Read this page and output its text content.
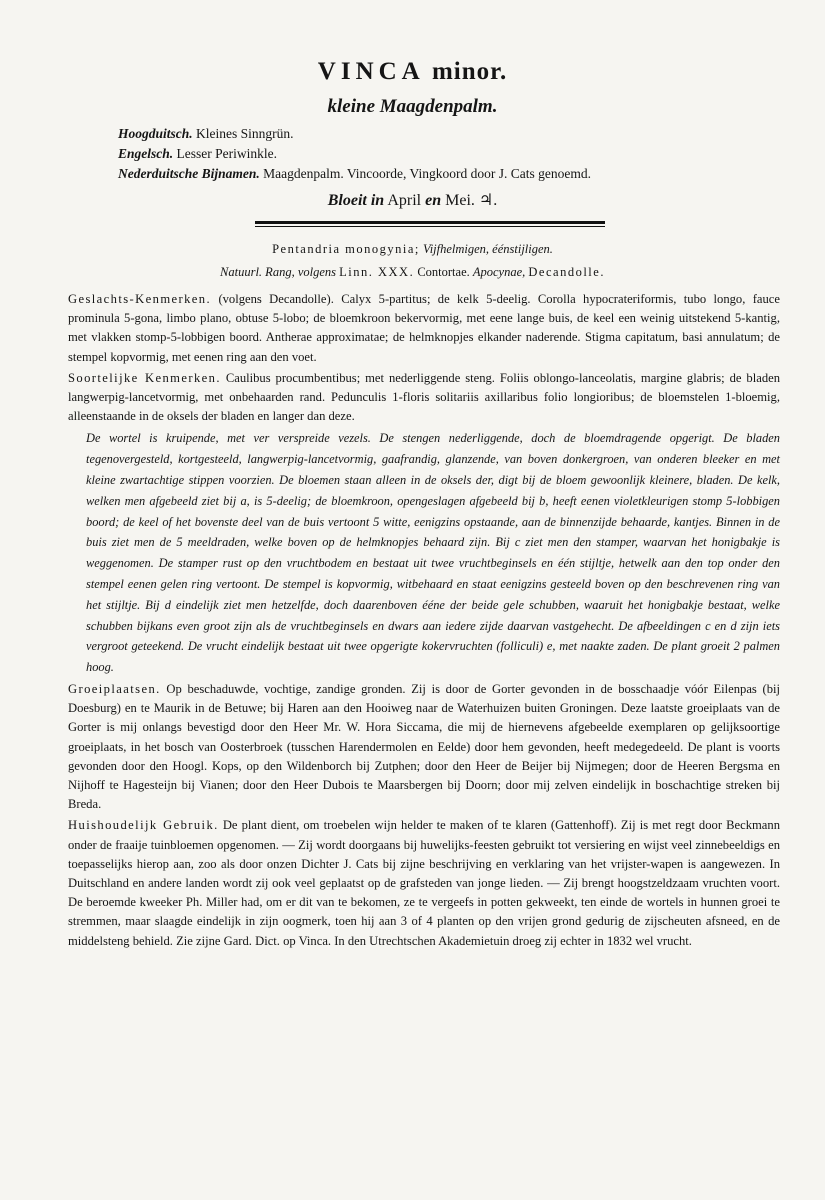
VINCA minor.
kleine Maagdenpalm.
Hoogduitsch. Kleines Sinngrün.
Engelsch. Lesser Periwinkle.
Nederduitsche Bijnamen. Maagdenpalm. Vincoorde, Vingkoord door J. Cats genoemd.
Bloeit in April en Mei. ♃.
Pentandria monogynia; Vijfhelmigen, éénstijligen.
Natuurl. Rang, volgens Linn. XXX. Contortae. Apocynae, Decandolle.

Geslachts-Kenmerken. (volgens Decandolle). Calyx 5-partitus; de kelk 5-deelig. Corolla hypocrateriformis, tubo longo, fauce prominula 5-gona, limbo plano, obtuse 5-lobo; de bloemkroon bekervormig, met eene lange buis, de keel een weinig uitstekend 5-kantig, met vlakken stomp-5-lobbigen boord. Antherae approximatae; de helmknopjes elkander naderende. Stigma capitatum, basi annulatum; de stempel kopvormig, met eenen ring aan den voet.

Soortelijke Kenmerken. Caulibus procumbentibus; met nederliggende steng. Foliis oblongo-lanceolatis, margine glabris; de bladen langwerpig-lancetvormig, met onbehaarden rand. Pedunculis 1-floris solitariis axillaribus folio longioribus; de bloemstelen 1-bloemig, alleenstaande in de oksels der bladen en langer dan deze.

De wortel is kruipende, met ver verspreide vezels. De stengen nederliggende, doch de bloemdragende opgerigt. De bladen tegenovergesteld, kortgesteeld, langwerpig-lancetvormig, gaafrandig, glanzende, van boven donkergroen, van onderen bleeker en met kleine zwartachtige stippen voorzien. De bloemen staan alleen in de oksels der, digt bij de bloem gewoonlijk kleinere, bladen. De kelk, welken men afgebeeld ziet bij a, is 5-deelig; de bloemkroon, opengeslagen afgebeeld bij b, heeft eenen violetkleurigen stomp 5-lobbigen boord; de keel of het bovenste deel van de buis vertoont 5 witte, eenigzins opstaande, aan de binnenzijde behaarde, kantjes. Binnen in de buis ziet men de 5 meeldraden, welke boven op de helmknopjes behaard zijn. Bij c ziet men den stamper, waarvan het honigbakje is weggenomen. De stamper rust op den vruchtbodem en bestaat uit twee vruchtbeginsels en één stijltje, hetwelk aan den top onder den stempel eenen gelen ring vertoont. De stempel is kopvormig, witbehaard en staat eenigzins gesteeld boven op den beschrevenen ring van het stijltje. Bij d eindelijk ziet men hetzelfde, doch daarenboven ééne der beide gele schubben, waaruit het honigbakje bestaat, welke schubben bijkans even groot zijn als de vruchtbeginsels en dwars aan iedere zijde daarvan vastgehecht. De afbeeldingen c en d zijn iets vergroot geteekend. De vrucht eindelijk bestaat uit twee opgerigte kokervruchten (folliculi) e, met naakte zaden. De plant groeit 2 palmen hoog.

Groeiplaatsen. Op beschaduwde, vochtige, zandige gronden. Zij is door de Gorter gevonden in de bosschaadje vóór Eilenpas (bij Doesburg) en te Maurik in de Betuwe; bij Haren aan den Hooiweg naar de Waterhuizen buiten Groningen. Deze laatste groeiplaats van de Gorter is mij onlangs bevestigd door den Heer Mr. W. Hora Siccama, die mij de hiernevens afgebeelde exemplaren op gelijksoortige groeiplaats, in het bosch van Oosterbroek (tusschen Harendermolen en Eelde) door hem gevonden, heeft medegedeeld. De plant is voorts gevonden door den Hoogl. Kops, op den Wildenborch bij Zutphen; door den Heer de Beijer bij Nijmegen; door de Heeren Bergsma en Nijhoff te Hagesteijn bij Vianen; door den Heer Dubois te Maarsbergen bij Doorn; door mij zelven eindelijk in boschachtige streken bij Breda.

Huishoudelijk Gebruik. De plant dient, om troebelen wijn helder te maken of te klaren (Gattenhoff). Zij is met regt door Beckmann onder de fraaije tuinbloemen opgenomen. — Zij wordt doorgaans bij huwelijks-feesten gebruikt tot versiering en wijst veel zinnebeeldigs en toepasselijks hierop aan, zoo als door onzen Dichter J. Cats bij zijne beschrijving en verklaring van het vrijster-wapen is aangewezen. In Duitschland en andere landen wordt zij ook veel geplaatst op de grafsteden van jonge lieden. — Zij brengt hoogstzeldzaam vruchten voort. De beroemde kweeker Ph. Miller had, om er dit van te bekomen, ze te vergeefs in potten gekweekt, ten einde de wortels in hunnen groei te stremmen, maar slaagde eindelijk in zijn oogmerk, toen hij aan 3 of 4 planten op den vrijen grond gedurig de zijscheuten afsneed, en de middelsteng behield. Zie zijne Gard. Dict. op Vinca. In den Utrechtschen Akademietuin droeg zij echter in 1832 wel vrucht.
